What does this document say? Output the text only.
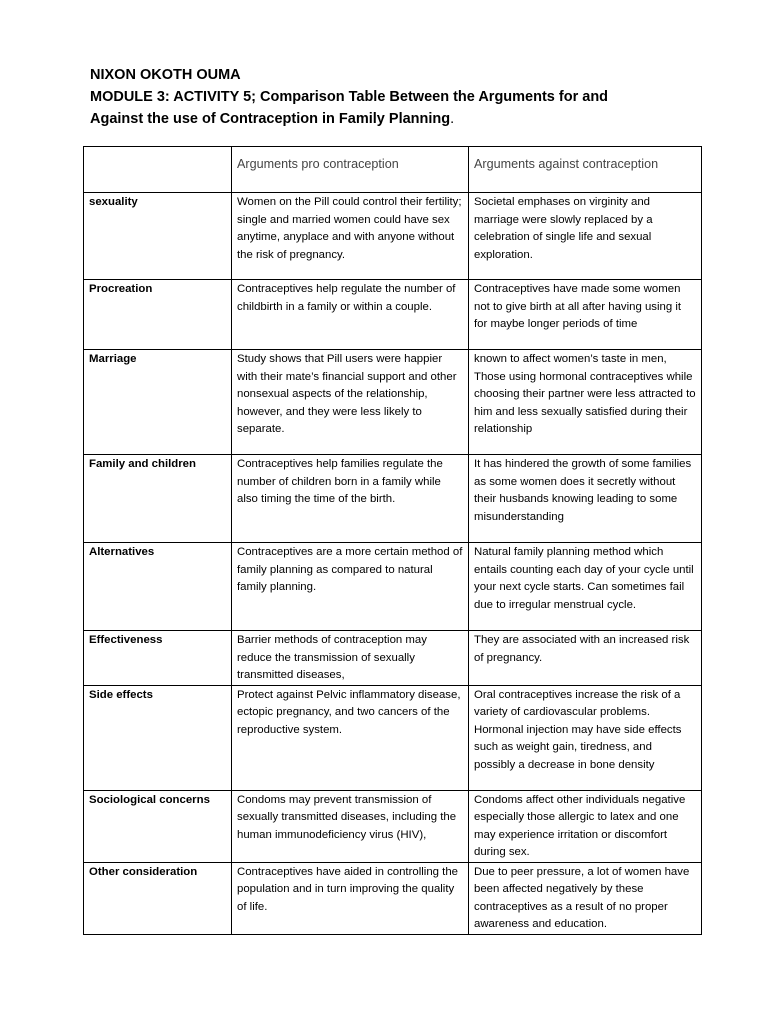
NIXON OKOTH OUMA
MODULE 3: ACTIVITY 5; Comparison Table Between the Arguments for and
Against the use of Contraception in Family Planning.
	Arguments pro contraception	Arguments against contraception
sexuality	Women on the Pill could control their fertility; single and married women could have sex anytime, anyplace and with anyone without the risk of pregnancy.	Societal emphases on virginity and marriage were slowly replaced by a celebration of single life and sexual exploration.
Procreation	Contraceptives help regulate the number of childbirth in a family or within a couple.	Contraceptives have made some women not to give birth at all after having using it for maybe longer periods of time
Marriage	Study shows that Pill users were happier with their mate’s financial support and other nonsexual aspects of the relationship, however, and they were less likely to separate.	known to affect women’s taste in men, Those using hormonal contraceptives while choosing their partner were less attracted to him and less sexually satisfied during their relationship
Family and children	Contraceptives help families regulate the number of children born in a family while also timing the time of the birth.	It has hindered the growth of some families as some women does it secretly without their husbands knowing leading to some misunderstanding
Alternatives	Contraceptives are a more certain method of family planning as compared to natural family planning.	Natural family planning method which entails counting each day of your cycle until your next cycle starts. Can sometimes fail due to irregular menstrual cycle.
Effectiveness	Barrier methods of contraception may reduce the transmission of sexually transmitted diseases,	They are associated with an increased risk of pregnancy.
Side effects	Protect against Pelvic inflammatory disease, ectopic pregnancy, and two cancers of the reproductive system.	Oral contraceptives increase the risk of a variety of cardiovascular problems. Hormonal injection may have side effects such as weight gain, tiredness, and possibly a decrease in bone density
Sociological concerns	Condoms may prevent transmission of sexually transmitted diseases, including the human immunodeficiency virus (HIV),	Condoms affect other individuals negative especially those allergic to latex and one may experience irritation or discomfort during sex.
Other consideration	Contraceptives have aided in controlling the population and in turn improving the quality of life.	Due to peer pressure, a lot of women have been affected negatively by these contraceptives as a result of no proper awareness and education.
